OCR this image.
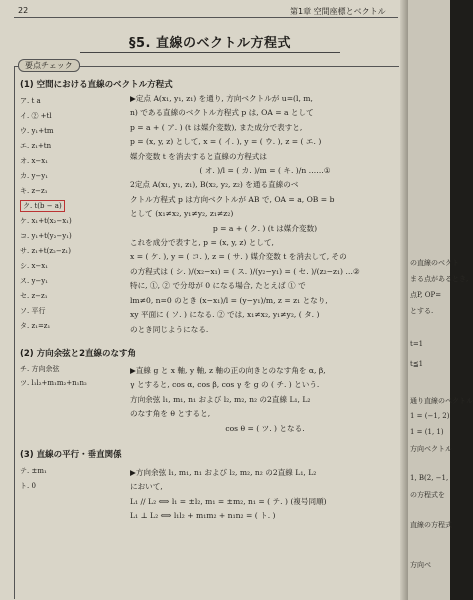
22	第1章 空間座標とベクトル
§5. 直線のベクトル方程式
要点チェック
(1) 空間における直線のベクトル方程式
ア. t a
イ. ② +tl
ウ. y₁+tm
エ. z₁+tn
オ. x−x₁
カ. y−y₁
キ. z−z₁
ク. t(b − a)
ケ. x₁+t(x₂−x₁)
コ. y₁+t(y₂−y₁)
サ. z₁+t(z₂−z₁)
シ. x−x₁
ス. y−y₁
セ. z−z₁
ソ. 平行
タ. z₁=z₁

▶定点 A(x₁, y₁, z₁) を通り, 方向ベクトルが u=(l, m,

n) である直線のベクトル方程式 p は, OA = a として

p = a + ( ア. ) (t は媒介変数), また成分で表すと,

p = (x, y, z) として, x = ( イ. ), y = ( ウ. ), z = ( エ. )

媒介変数 t を消去すると直線の方程式は

( オ. )/l = ( カ. )/m = ( キ. )/n ……①

2定点 A(x₁, y₁, z₁), B(x₂, y₂, z₂) を通る直線のベ

クトル方程式 p は方向ベクトルが AB で, OA = a, OB = b

として (x₁≠x₂, y₁≠y₂, z₁≠z₂)

p = a + ( ク. ) (t は媒介変数)

これを成分で表すと, p = (x, y, z) として,

x = ( ケ. ), y = ( コ. ), z = ( サ. ) 媒介変数 t を消去して, その

の方程式は ( シ. )/(x₂−x₁) = ( ス. )/(y₂−y₁) = ( セ. )/(z₂−z₁) …②

特に, ①, ② で分母が 0 になる場合, たとえば ① で

lm≠0, n=0 のとき (x−x₁)/l = (y−y₁)/m, z = z₁ となり,

xy 平面に ( ソ. ) になる. ② では, x₁≠x₂, y₁≠y₂, ( タ. )

のとき同じようになる.

(2) 方向余弦と2直線のなす角
チ. 方向余弦
ツ. l₁l₂+m₁m₂+n₁n₂

▶直線 g と x 軸, y 軸, z 軸の正の向きとのなす角を α, β,

γ とすると, cos α, cos β, cos γ を g の ( チ. ) という.

方向余弦 l₁, m₁, n₁ および l₂, m₂, n₂ の2直線 L₁, L₂

のなす角を θ とすると,

cos θ = ( ツ. ) となる.

(3) 直線の平行・垂直関係
テ. ±m₁
ト. 0

▶方向余弦 l₁, m₁, n₁ および l₂, m₂, n₂ の2直線 L₁, L₂

において,

L₁ // L₂ ⟺ l₁ = ±l₂, m₁ = ±m₂, n₁ = ( テ. ) (複号同順)

L₁ ⊥ L₂ ⟺ l₁l₂ + m₁m₂ + n₁n₂ = ( ト. )

の直線のベクト
まる点があるとき,
点P, OP=
とする.
t=1
t≦1
通り直線のベクトル
1 = (−1, 2)
1 = (1, 1)
方向ベクトル
1, B(2, −1,
の方程式を
直線の方程式
方向べ
